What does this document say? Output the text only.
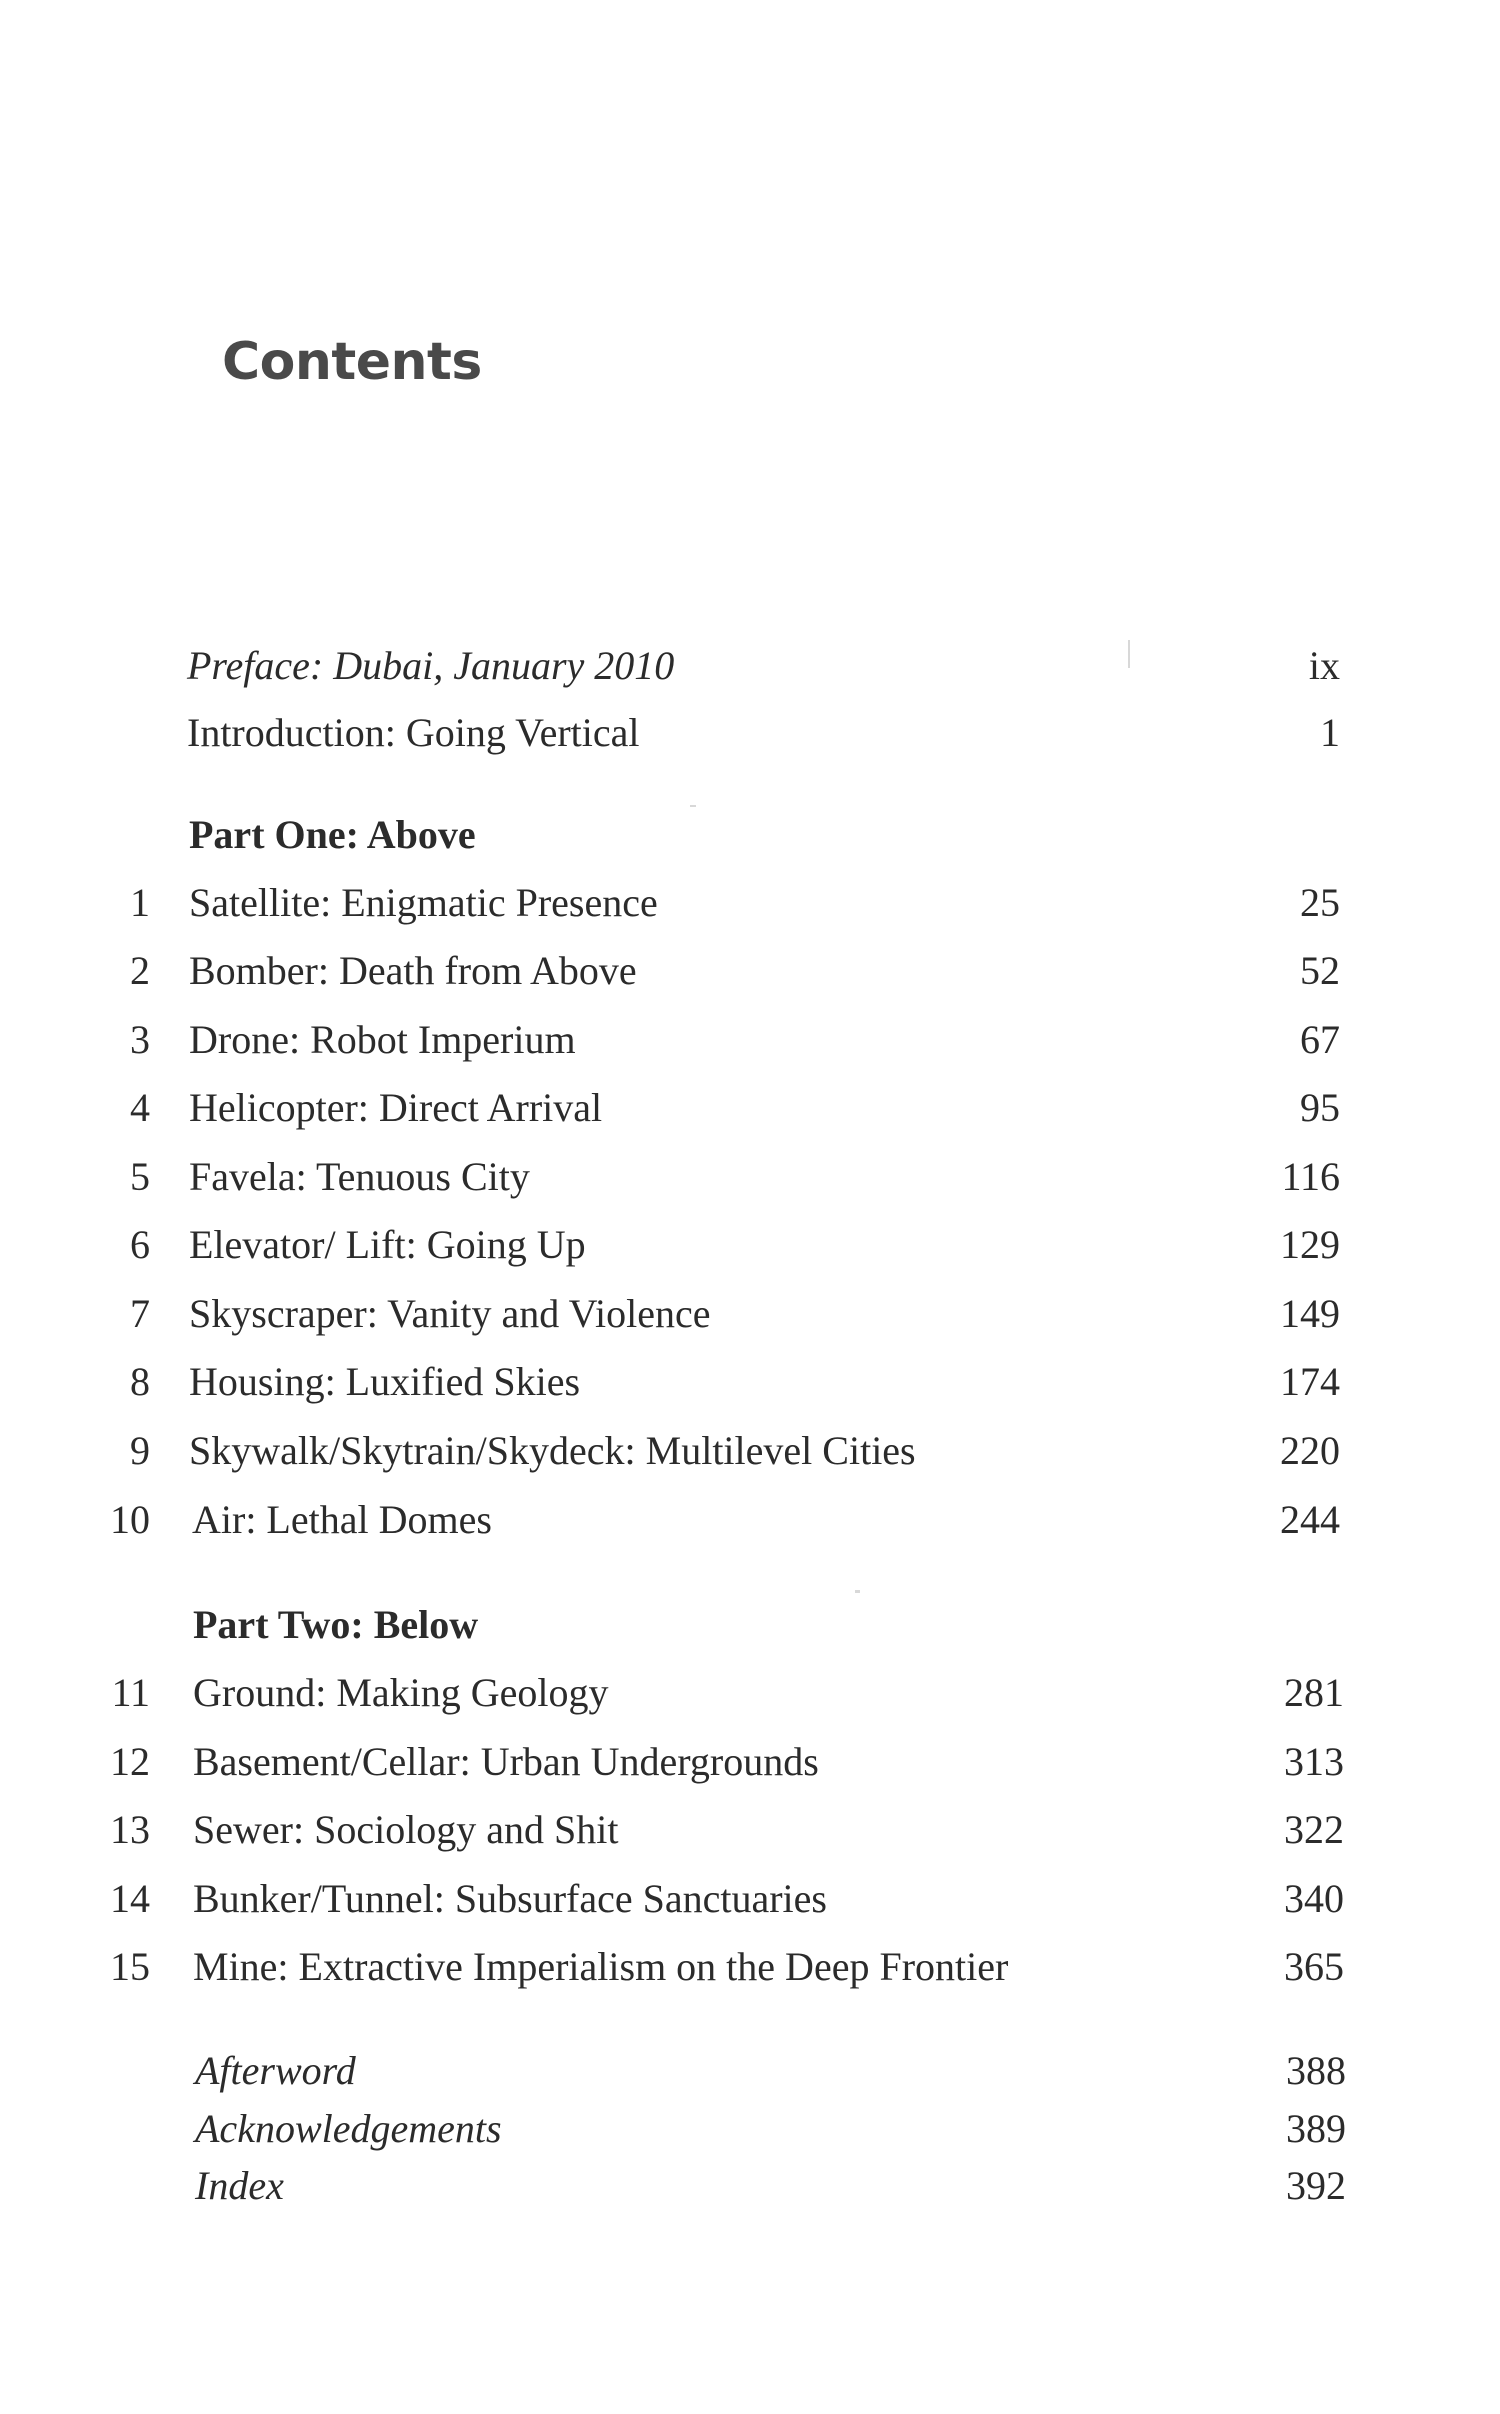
Contents
Preface: Dubai, January 2010	ix
Introduction: Going Vertical	1
Part One: Above
1 Satellite: Enigmatic Presence	25
2 Bomber: Death from Above	52
3 Drone: Robot Imperium	67
4 Helicopter: Direct Arrival	95
5 Favela: Tenuous City	116
6 Elevator/ Lift: Going Up	129
7 Skyscraper: Vanity and Violence	149
8 Housing: Luxified Skies	174
9 Skywalk/Skytrain/Skydeck: Multilevel Cities	220
10 Air: Lethal Domes	244
Part Two: Below
11 Ground: Making Geology	281
12 Basement/Cellar: Urban Undergrounds	313
13 Sewer: Sociology and Shit	322
14 Bunker/Tunnel: Subsurface Sanctuaries	340
15 Mine: Extractive Imperialism on the Deep Frontier	365
Afterword	388
Acknowledgements	389
Index	392
